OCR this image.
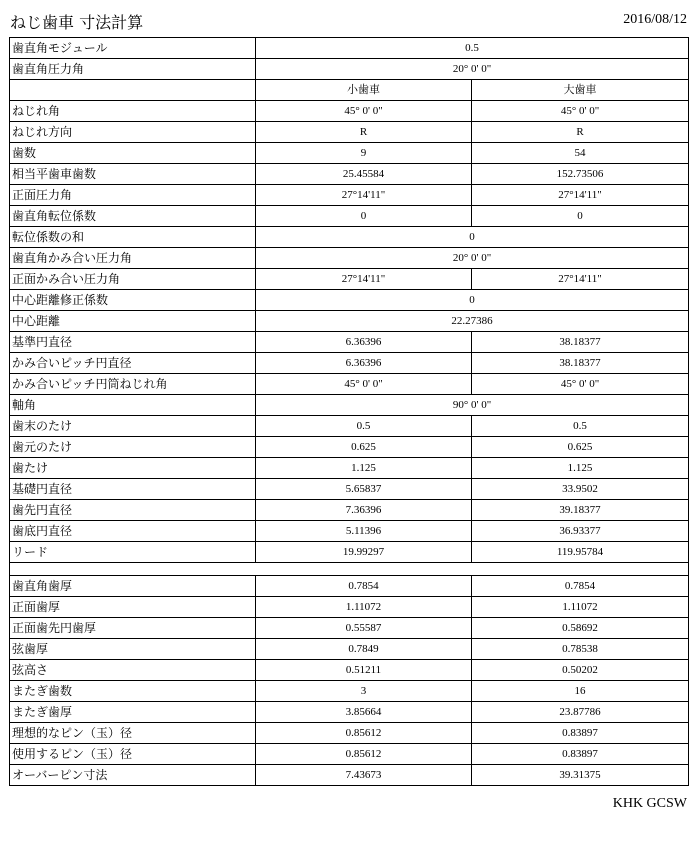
ねじ歯車 寸法計算	2016/08/12
歯直角モジュール	0.5	
歯直角圧力角	20° 0' 0"	
	小歯車	大歯車
ねじれ角	45° 0' 0"	45° 0' 0"
ねじれ方向	R	R
歯数	9	54
相当平歯車歯数	25.45584	152.73506
正面圧力角	27°14'11"	27°14'11"
歯直角転位係数	0	0
転位係数の和	0	
歯直角かみ合い圧力角	20° 0' 0"	
正面かみ合い圧力角	27°14'11"	27°14'11"
中心距離修正係数	0	
中心距離	22.27386	
基準円直径	6.36396	38.18377
かみ合いピッチ円直径	6.36396	38.18377
かみ合いピッチ円筒ねじれ角	45° 0' 0"	45° 0' 0"
軸角	90° 0' 0"	
歯末のたけ	0.5	0.5
歯元のたけ	0.625	0.625
歯たけ	1.125	1.125
基礎円直径	5.65837	33.9502
歯先円直径	7.36396	39.18377
歯底円直径	5.11396	36.93377
リード	19.99297	119.95784

歯直角歯厚	0.7854	0.7854
正面歯厚	1.11072	1.11072
正面歯先円歯厚	0.55587	0.58692
弦歯厚	0.7849	0.78538
弦高さ	0.51211	0.50202
またぎ歯数	3	16
またぎ歯厚	3.85664	23.87786
理想的なピン（玉）径	0.85612	0.83897
使用するピン（玉）径	0.85612	0.83897
オーバーピン寸法	7.43673	39.31375
KHK GCSW
